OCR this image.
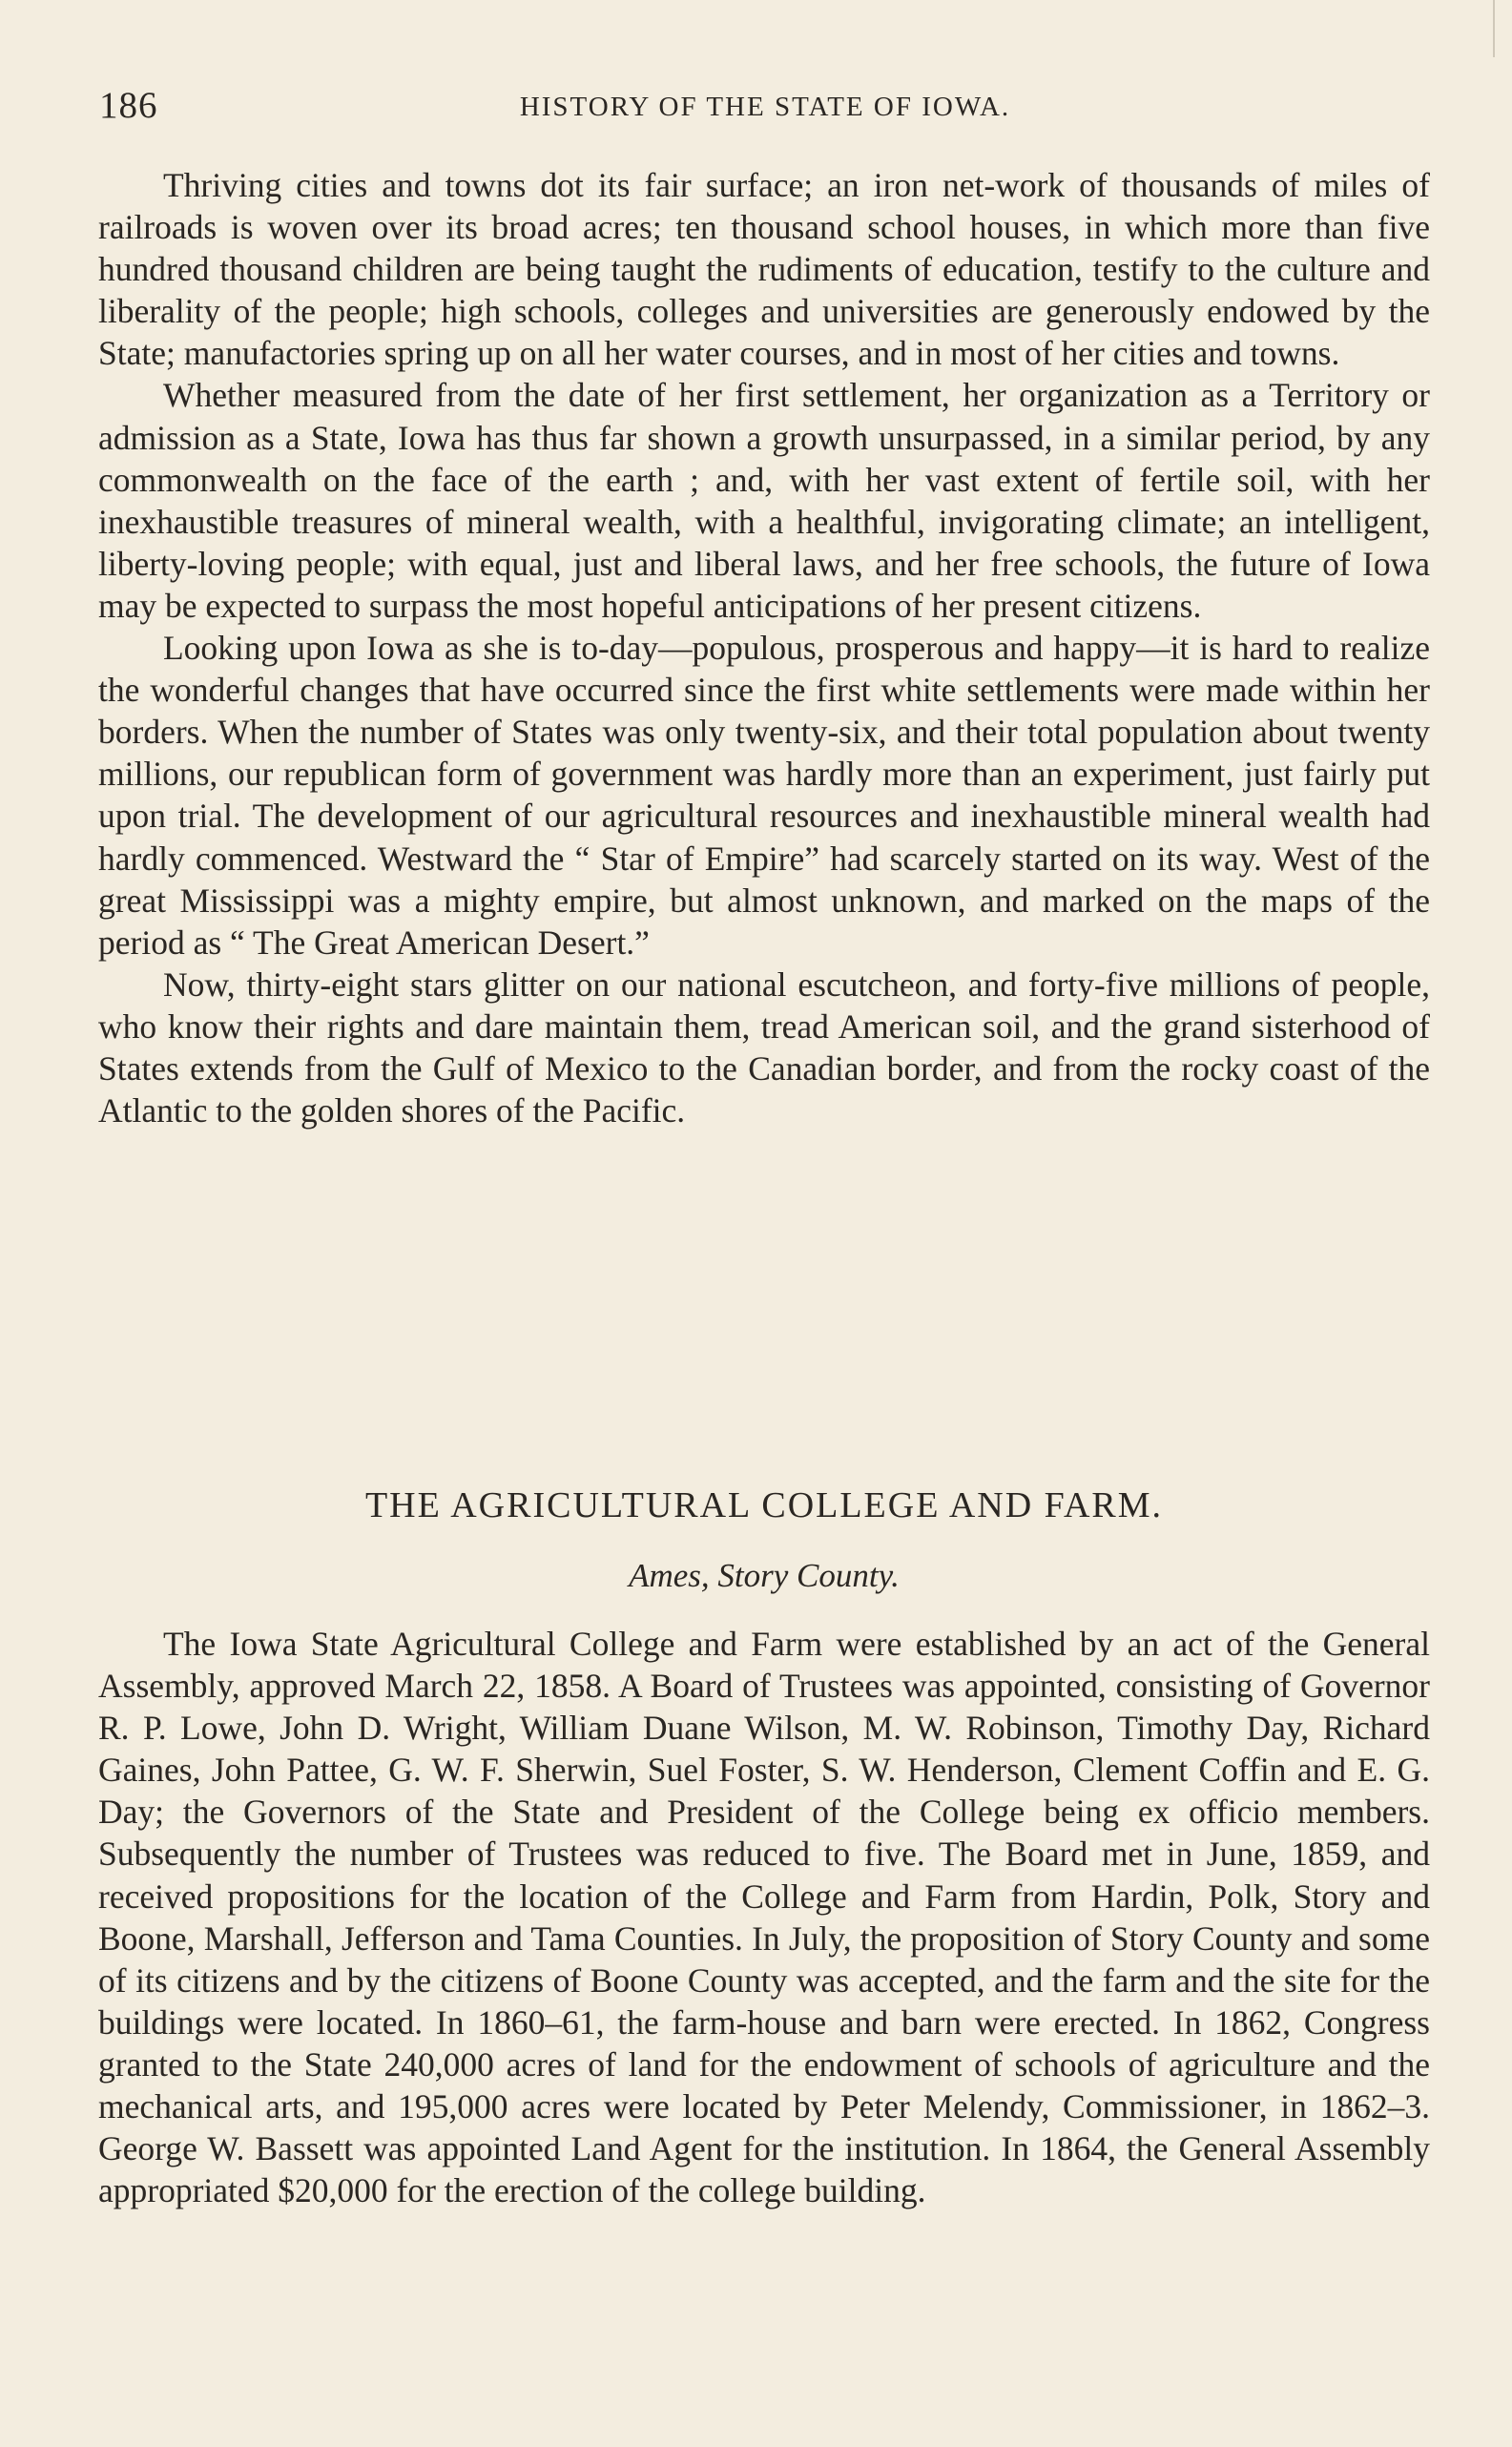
186	HISTORY OF THE STATE OF IOWA.

Thriving cities and towns dot its fair surface; an iron net-work of thousands of miles of railroads is woven over its broad acres; ten thousand school houses, in which more than five hundred thousand children are being taught the rudiments of education, testify to the culture and liberality of the people; high schools, colleges and universities are generously endowed by the State; manufactories spring up on all her water courses, and in most of her cities and towns.

Whether measured from the date of her first settlement, her organization as a Territory or admission as a State, Iowa has thus far shown a growth unsurpassed, in a similar period, by any commonwealth on the face of the earth ; and, with her vast extent of fertile soil, with her inexhaustible treasures of mineral wealth, with a healthful, invigorating climate; an intelligent, liberty-loving people; with equal, just and liberal laws, and her free schools, the future of Iowa may be expected to surpass the most hopeful anticipations of her present citizens.

Looking upon Iowa as she is to-day—populous, prosperous and happy—it is hard to realize the wonderful changes that have occurred since the first white settlements were made within her borders. When the number of States was only twenty-six, and their total population about twenty millions, our republican form of government was hardly more than an experiment, just fairly put upon trial. The development of our agricultural resources and inexhaustible mineral wealth had hardly commenced. Westward the “ Star of Empire” had scarcely started on its way. West of the great Mississippi was a mighty empire, but almost unknown, and marked on the maps of the period as “ The Great American Desert.”

Now, thirty-eight stars glitter on our national escutcheon, and forty-five millions of people, who know their rights and dare maintain them, tread American soil, and the grand sisterhood of States extends from the Gulf of Mexico to the Canadian border, and from the rocky coast of the Atlantic to the golden shores of the Pacific.

THE AGRICULTURAL COLLEGE AND FARM.
Ames, Story County.

The Iowa State Agricultural College and Farm were established by an act of the General Assembly, approved March 22, 1858. A Board of Trustees was appointed, consisting of Governor R. P. Lowe, John D. Wright, William Duane Wilson, M. W. Robinson, Timothy Day, Richard Gaines, John Pattee, G. W. F. Sherwin, Suel Foster, S. W. Henderson, Clement Coffin and E. G. Day; the Governors of the State and President of the College being ex officio members. Subsequently the number of Trustees was reduced to five. The Board met in June, 1859, and received propositions for the location of the College and Farm from Hardin, Polk, Story and Boone, Marshall, Jefferson and Tama Counties. In July, the proposition of Story County and some of its citizens and by the citizens of Boone County was accepted, and the farm and the site for the buildings were located. In 1860–61, the farm-house and barn were erected. In 1862, Congress granted to the State 240,000 acres of land for the endowment of schools of agriculture and the mechanical arts, and 195,000 acres were located by Peter Melendy, Commissioner, in 1862–3. George W. Bassett was appointed Land Agent for the institution. In 1864, the General Assembly appropriated $20,000 for the erection of the college building.
